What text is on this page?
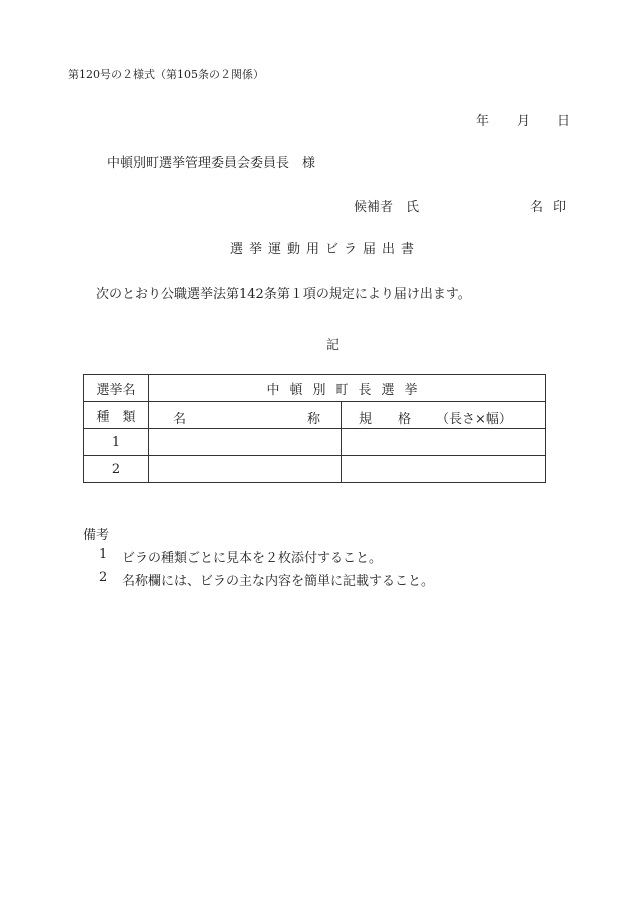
第120号の２様式（第105条の２関係）
年 月 日
中頓別町選挙管理委員会委員長　様
候補者　氏	名 印
選挙運動用ビラ届出書
次のとおり公職選挙法第142条第１項の規定により届け出ます。
記
選挙名	中頓別町長選挙	
種　類	名 称	規　　格 （長さ×幅）

1		
2		
備考
1 ビラの種類ごとに見本を２枚添付すること。
2 名称欄には、ビラの主な内容を簡単に記載すること。
